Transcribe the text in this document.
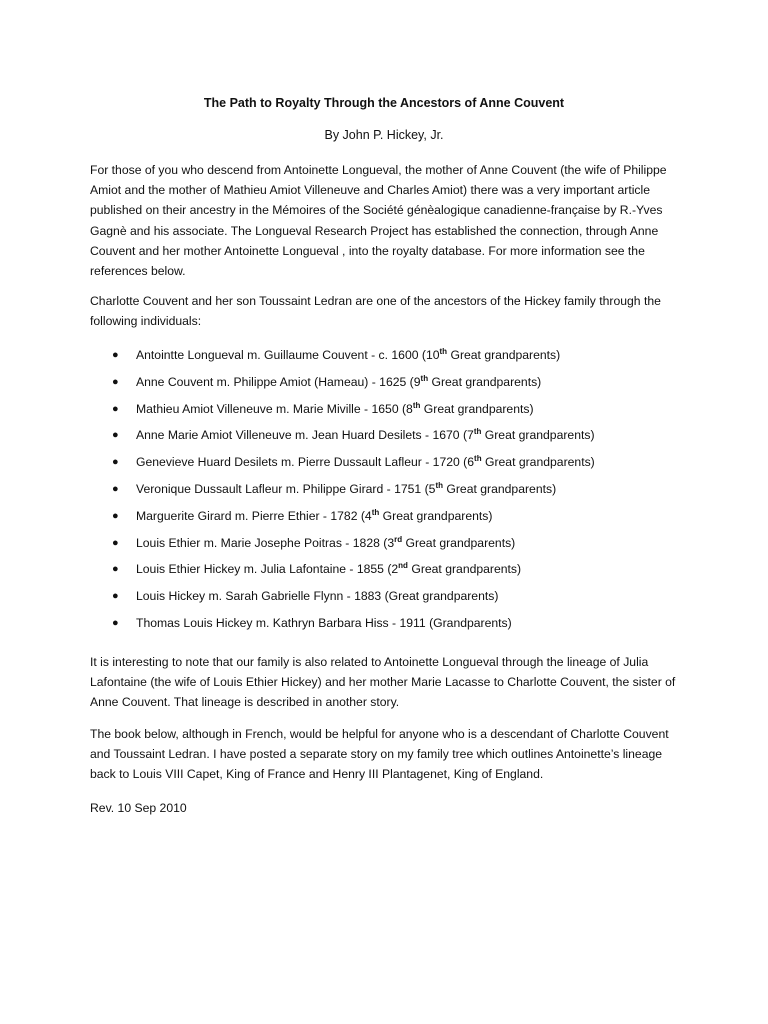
The Path to Royalty Through the Ancestors of Anne Couvent
By John P. Hickey, Jr.

For those of you who descend from Antoinette Longueval, the mother of Anne Couvent (the wife of Philippe Amiot and the mother of Mathieu Amiot Villeneuve and Charles Amiot) there was a very important article published on their ancestry in the Mémoires of the Société génèalogique canadienne-française by R.-Yves Gagnè and his associate. The Longueval Research Project has established the connection, through Anne Couvent and her mother Antoinette Longueval , into the royalty database. For more information see the references below.

Charlotte Couvent and her son Toussaint Ledran are one of the ancestors of the Hickey family through the following individuals:

● Antointte Longueval m. Guillaume Couvent - c. 1600 (10th Great grandparents)
● Anne Couvent m. Philippe Amiot (Hameau) - 1625 (9th Great grandparents)
● Mathieu Amiot Villeneuve m. Marie Miville - 1650 (8th Great grandparents)
● Anne Marie Amiot Villeneuve m. Jean Huard Desilets - 1670 (7th Great grandparents)
● Genevieve Huard Desilets m. Pierre Dussault Lafleur - 1720 (6th Great grandparents)
● Veronique Dussault Lafleur m. Philippe Girard - 1751 (5th Great grandparents)
● Marguerite Girard m. Pierre Ethier - 1782 (4th Great grandparents)
● Louis Ethier m. Marie Josephe Poitras - 1828 (3rd Great grandparents)
● Louis Ethier Hickey m. Julia Lafontaine - 1855 (2nd Great grandparents)
● Louis Hickey m. Sarah Gabrielle Flynn - 1883 (Great grandparents)
● Thomas Louis Hickey m. Kathryn Barbara Hiss - 1911 (Grandparents)

It is interesting to note that our family is also related to Antoinette Longueval through the lineage of Julia Lafontaine (the wife of Louis Ethier Hickey) and her mother Marie Lacasse to Charlotte Couvent, the sister of Anne Couvent. That lineage is described in another story.

The book below, although in French, would be helpful for anyone who is a descendant of Charlotte Couvent and Toussaint Ledran. I have posted a separate story on my family tree which outlines Antoinette’s lineage back to Louis VIII Capet, King of France and Henry III Plantagenet, King of England.

Rev. 10 Sep 2010
